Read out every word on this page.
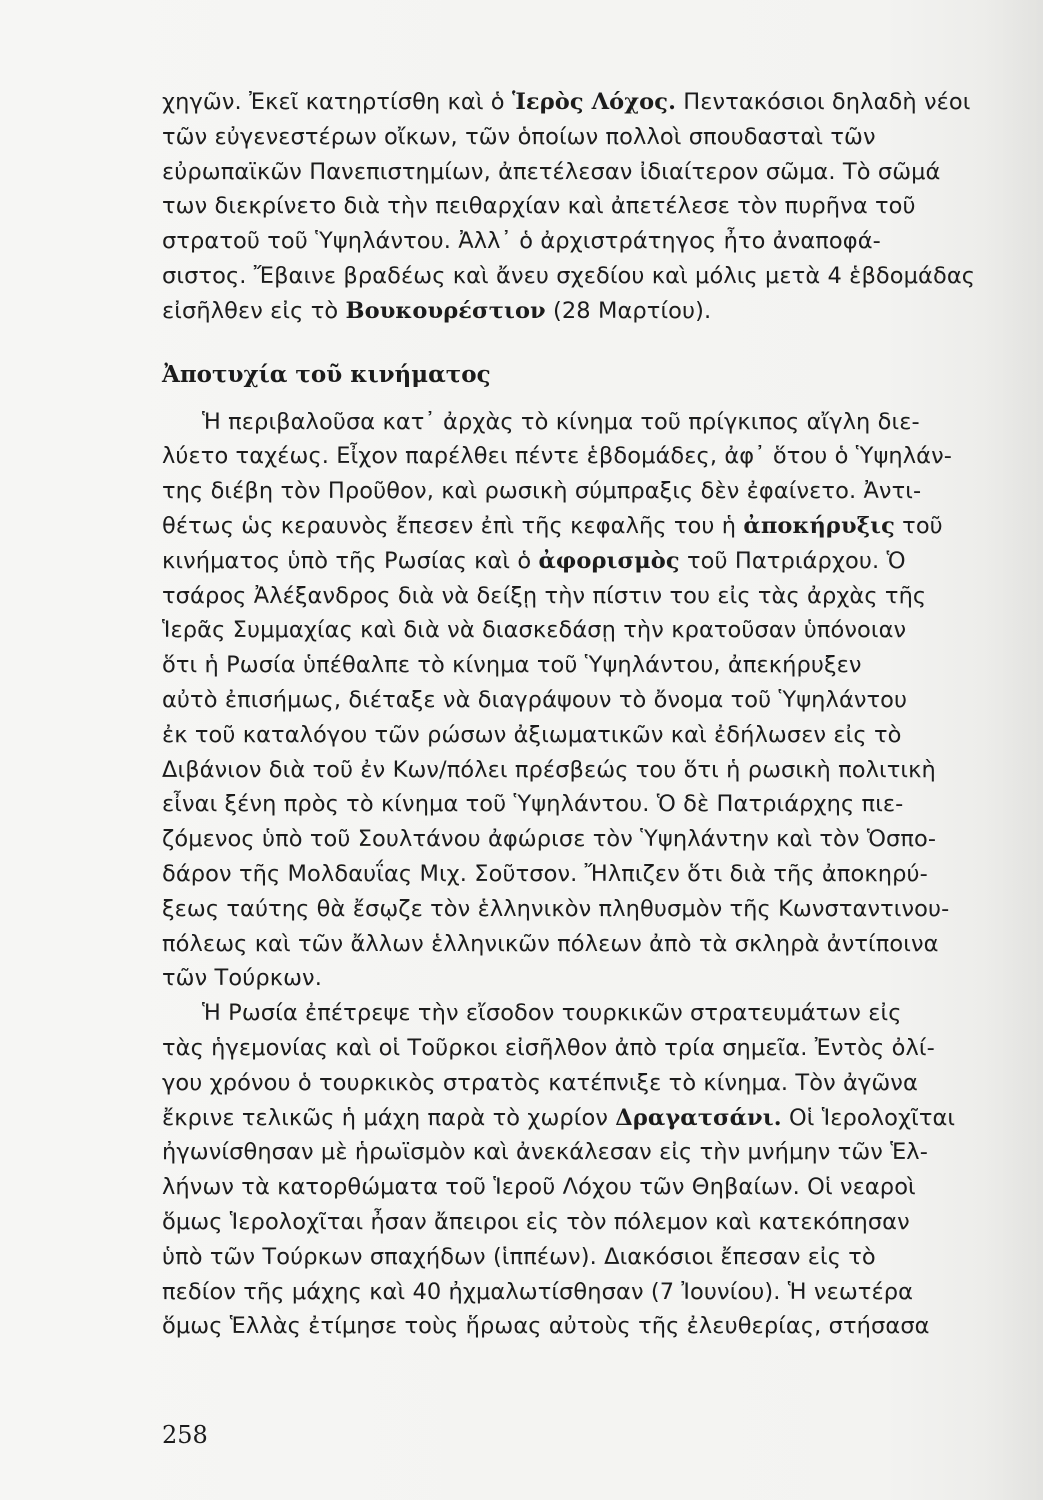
χηγῶν. Ἐκεῖ κατηρτίσθη καὶ ὁ Ἱερὸς Λόχος. Πεντακόσιοι δηλαδὴ νέοι
τῶν εὐγενεστέρων οἴκων, τῶν ὁποίων πολλοὶ σπουδασταὶ τῶν
εὐρωπαϊκῶν Πανεπιστημίων, ἀπετέλεσαν ἰδιαίτερον σῶμα. Τὸ σῶμά
των διεκρίνετο διὰ τὴν πειθαρχίαν καὶ ἀπετέλεσε τὸν πυρῆνα τοῦ
στρατοῦ τοῦ Ὑψηλάντου. Ἀλλ᾿ ὁ ἀρχιστράτηγος ἦτο ἀναποφά-
σιστος. Ἔβαινε βραδέως καὶ ἄνευ σχεδίου καὶ μόλις μετὰ 4 ἑβδομάδας
εἰσῆλθεν εἰς τὸ Βουκουρέστιον (28 Μαρτίου).
Ἀποτυχία τοῦ κινήματος
Ἡ περιβαλοῦσα κατ᾿ ἀρχὰς τὸ κίνημα τοῦ πρίγκιπος αἴγλη διε-
λύετο ταχέως. Εἶχον παρέλθει πέντε ἑβδομάδες, ἀφ᾿ ὅτου ὁ Ὑψηλάν-
της διέβη τὸν Προῦθον, καὶ ρωσικὴ σύμπραξις δὲν ἐφαίνετο. Ἀντι-
θέτως ὡς κεραυνὸς ἔπεσεν ἐπὶ τῆς κεφαλῆς του ἡ ἀποκήρυξις τοῦ
κινήματος ὑπὸ τῆς Ρωσίας καὶ ὁ ἀφορισμὸς τοῦ Πατριάρχου. Ὁ
τσάρος Ἀλέξανδρος διὰ νὰ δείξῃ τὴν πίστιν του εἰς τὰς ἀρχὰς τῆς
Ἱερᾶς Συμμαχίας καὶ διὰ νὰ διασκεδάσῃ τὴν κρατοῦσαν ὑπόνοιαν
ὅτι ἡ Ρωσία ὑπέθαλπε τὸ κίνημα τοῦ Ὑψηλάντου, ἀπεκήρυξεν
αὐτὸ ἐπισήμως, διέταξε νὰ διαγράψουν τὸ ὄνομα τοῦ Ὑψηλάντου
ἐκ τοῦ καταλόγου τῶν ρώσων ἀξιωματικῶν καὶ ἐδήλωσεν εἰς τὸ
Διβάνιον διὰ τοῦ ἐν Κων/πόλει πρέσβεώς του ὅτι ἡ ρωσικὴ πολιτικὴ
εἶναι ξένη πρὸς τὸ κίνημα τοῦ Ὑψηλάντου. Ὁ δὲ Πατριάρχης πιε-
ζόμενος ὑπὸ τοῦ Σουλτάνου ἀφώρισε τὸν Ὑψηλάντην καὶ τὸν Ὁσπο-
δάρον τῆς Μολδαυΐας Μιχ. Σοῦτσον. Ἤλπιζεν ὅτι διὰ τῆς ἀποκηρύ-
ξεως ταύτης θὰ ἔσῳζε τὸν ἑλληνικὸν πληθυσμὸν τῆς Κωνσταντινου-
πόλεως καὶ τῶν ἄλλων ἑλληνικῶν πόλεων ἀπὸ τὰ σκληρὰ ἀντίποινα
τῶν Τούρκων.
Ἡ Ρωσία ἐπέτρεψε τὴν εἴσοδον τουρκικῶν στρατευμάτων εἰς
τὰς ἡγεμονίας καὶ οἱ Τοῦρκοι εἰσῆλθον ἀπὸ τρία σημεῖα. Ἐντὸς ὀλί-
γου χρόνου ὁ τουρκικὸς στρατὸς κατέπνιξε τὸ κίνημα. Τὸν ἀγῶνα
ἔκρινε τελικῶς ἡ μάχη παρὰ τὸ χωρίον Δραγατσάνι. Οἱ Ἱερολοχῖται
ἠγωνίσθησαν μὲ ἡρωϊσμὸν καὶ ἀνεκάλεσαν εἰς τὴν μνήμην τῶν Ἑλ-
λήνων τὰ κατορθώματα τοῦ Ἱεροῦ Λόχου τῶν Θηβαίων. Οἱ νεαροὶ
ὅμως Ἱερολοχῖται ἦσαν ἄπειροι εἰς τὸν πόλεμον καὶ κατεκόπησαν
ὑπὸ τῶν Τούρκων σπαχήδων (ἱππέων). Διακόσιοι ἔπεσαν εἰς τὸ
πεδίον τῆς μάχης καὶ 40 ἠχμαλωτίσθησαν (7 Ἰουνίου). Ἡ νεωτέρα
ὅμως Ἑλλὰς ἐτίμησε τοὺς ἥρωας αὐτοὺς τῆς ἐλευθερίας, στήσασα
258
